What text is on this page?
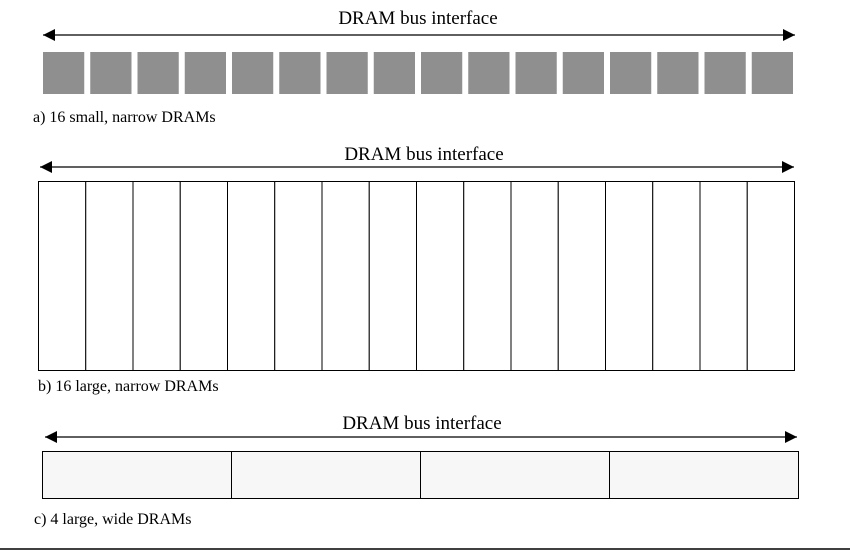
DRAM bus interface
a) 16 small, narrow DRAMs
DRAM bus interface
b) 16 large, narrow DRAMs
DRAM bus interface
c) 4 large, wide DRAMs
